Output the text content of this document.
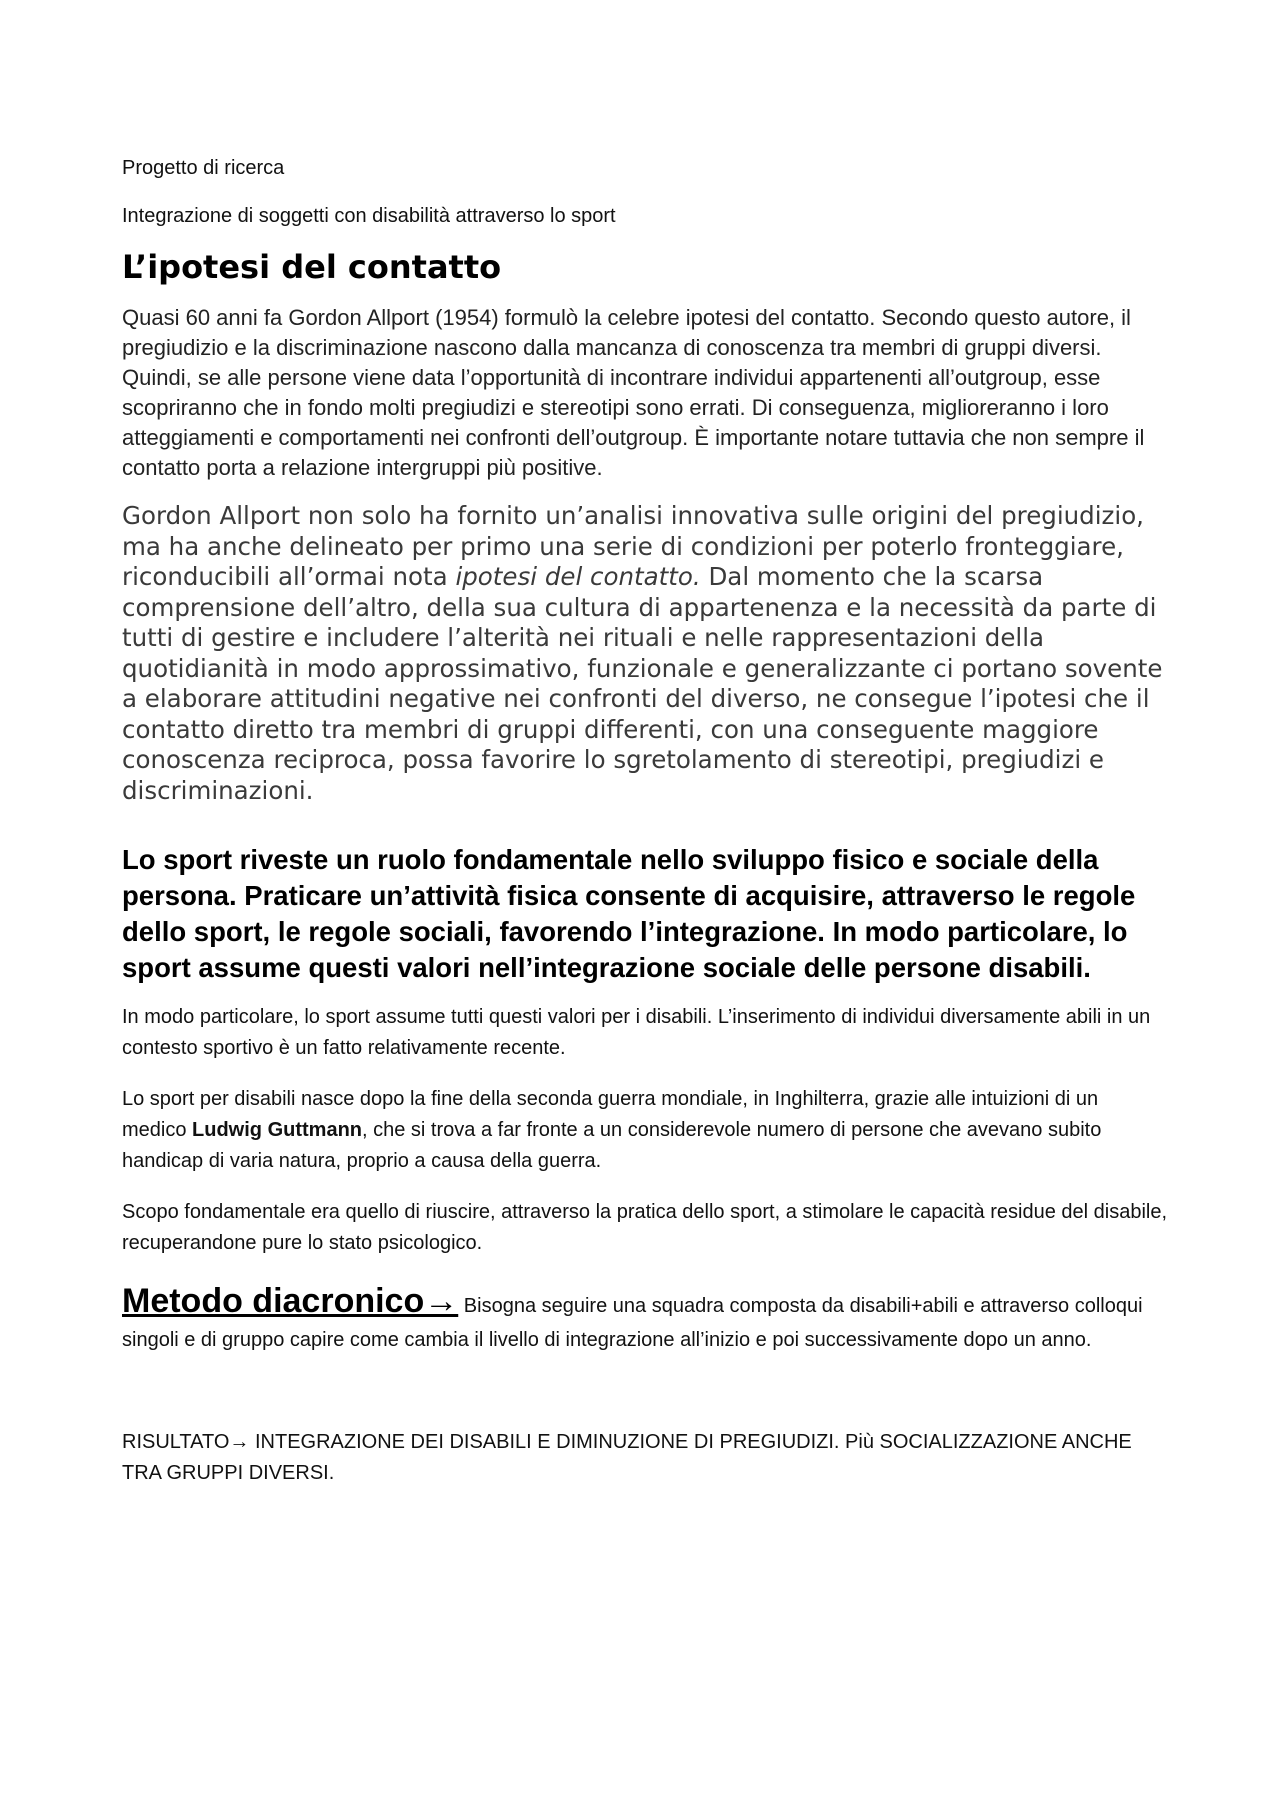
Progetto di ricerca

Integrazione di soggetti con disabilità attraverso lo sport

L’ipotesi del contatto

Quasi 60 anni fa Gordon Allport (1954) formulò la celebre ipotesi del contatto. Secondo questo autore, il pregiudizio e la discriminazione nascono dalla mancanza di conoscenza tra membri di gruppi diversi. Quindi, se alle persone viene data l’opportunità di incontrare individui appartenenti all’outgroup, esse scopriranno che in fondo molti pregiudizi e stereotipi sono errati. Di conseguenza, miglioreranno i loro atteggiamenti e comportamenti nei confronti dell’outgroup. È importante notare tuttavia che non sempre il contatto porta a relazione intergruppi più positive.

Gordon Allport non solo ha fornito un’analisi innovativa sulle origini del pregiudizio, ma ha anche delineato per primo una serie di condizioni per poterlo fronteggiare, riconducibili all’ormai nota ipotesi del contatto. Dal momento che la scarsa comprensione dell’altro, della sua cultura di appartenenza e la necessità da parte di tutti di gestire e includere l’alterità nei rituali e nelle rappresentazioni della quotidianità in modo approssimativo, funzionale e generalizzante ci portano sovente a elaborare attitudini negative nei confronti del diverso, ne consegue l’ipotesi che il contatto diretto tra membri di gruppi differenti, con una conseguente maggiore conoscenza reciproca, possa favorire lo sgretolamento di stereotipi, pregiudizi e discriminazioni.

Lo sport riveste un ruolo fondamentale nello sviluppo fisico e sociale della persona. Praticare un’attività fisica consente di acquisire, attraverso le regole dello sport, le regole sociali, favorendo l’integrazione. In modo particolare, lo sport assume questi valori nell’integrazione sociale delle persone disabili.

In modo particolare, lo sport assume tutti questi valori per i disabili. L’inserimento di individui diversamente abili in un contesto sportivo è un fatto relativamente recente.

Lo sport per disabili nasce dopo la fine della seconda guerra mondiale, in Inghilterra, grazie alle intuizioni di un medico Ludwig Guttmann, che si trova a far fronte a un considerevole numero di persone che avevano subito handicap di varia natura, proprio a causa della guerra.

Scopo fondamentale era quello di riuscire, attraverso la pratica dello sport, a stimolare le capacità residue del disabile, recuperandone pure lo stato psicologico.

Metodo diacronico→ Bisogna seguire una squadra composta da disabili+abili e attraverso colloqui singoli e di gruppo capire come cambia il livello di integrazione all’inizio e poi successivamente dopo un anno.

RISULTATO→ INTEGRAZIONE DEI DISABILI E DIMINUZIONE DI PREGIUDIZI. Più SOCIALIZZAZIONE ANCHE TRA GRUPPI DIVERSI.
